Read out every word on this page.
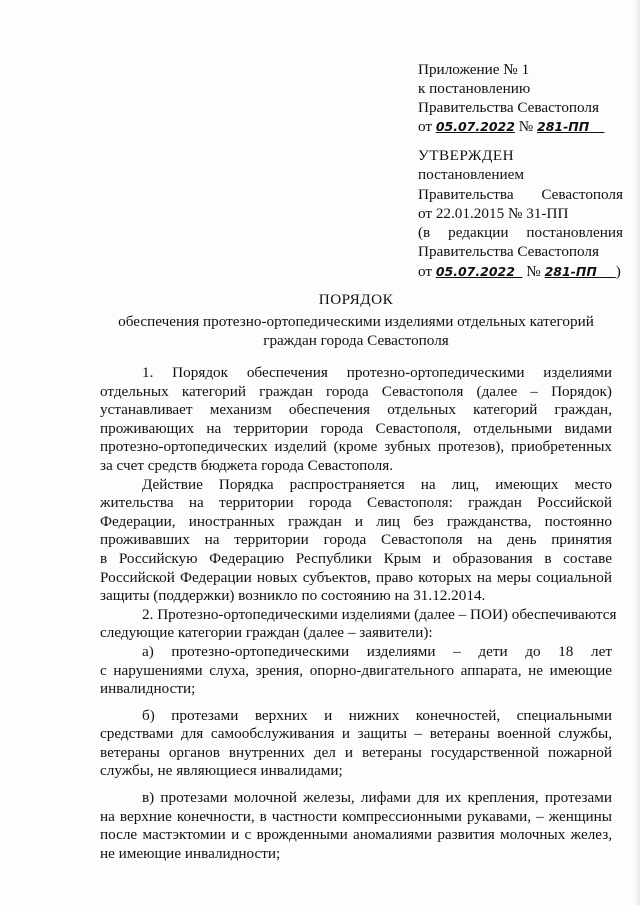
Приложение № 1
к постановлению
Правительства Севастополя
от 05.07.2022 № 281-ПП
УТВЕРЖДЕН
постановлением
Правительства Севастополя
от 22.01.2015 № 31-ПП
(в редакции постановления
Правительства Севастополя
от 05.07.2022 № 281-ПП )
ПОРЯДОК
обеспечения протезно-ортопедическими изделиями отдельных категорий
граждан города Севастополя

1. Порядок обеспечения протезно-ортопедическими изделиями
отдельных категорий граждан города Севастополя (далее – Порядок)
устанавливает механизм обеспечения отдельных категорий граждан,
проживающих на территории города Севастополя, отдельными видами
протезно-ортопедических изделий (кроме зубных протезов), приобретенных
за счет средств бюджета города Севастополя.

Действие Порядка распространяется на лиц, имеющих место
жительства на территории города Севастополя: граждан Российской
Федерации, иностранных граждан и лиц без гражданства, постоянно
проживавших на территории города Севастополя на день принятия
в Российскую Федерацию Республики Крым и образования в составе
Российской Федерации новых субъектов, право которых на меры социальной
защиты (поддержки) возникло по состоянию на 31.12.2014.

2. Протезно-ортопедическими изделиями (далее – ПОИ) обеспечиваются
следующие категории граждан (далее – заявители):

а) протезно-ортопедическими изделиями – дети до 18 лет
с нарушениями слуха, зрения, опорно-двигательного аппарата, не имеющие
инвалидности;

б) протезами верхних и нижних конечностей, специальными
средствами для самообслуживания и защиты – ветераны военной службы,
ветераны органов внутренних дел и ветераны государственной пожарной
службы, не являющиеся инвалидами;

в) протезами молочной железы, лифами для их крепления, протезами
на верхние конечности, в частности компрессионными рукавами, – женщины
после мастэктомии и с врожденными аномалиями развития молочных желез,
не имеющие инвалидности;
